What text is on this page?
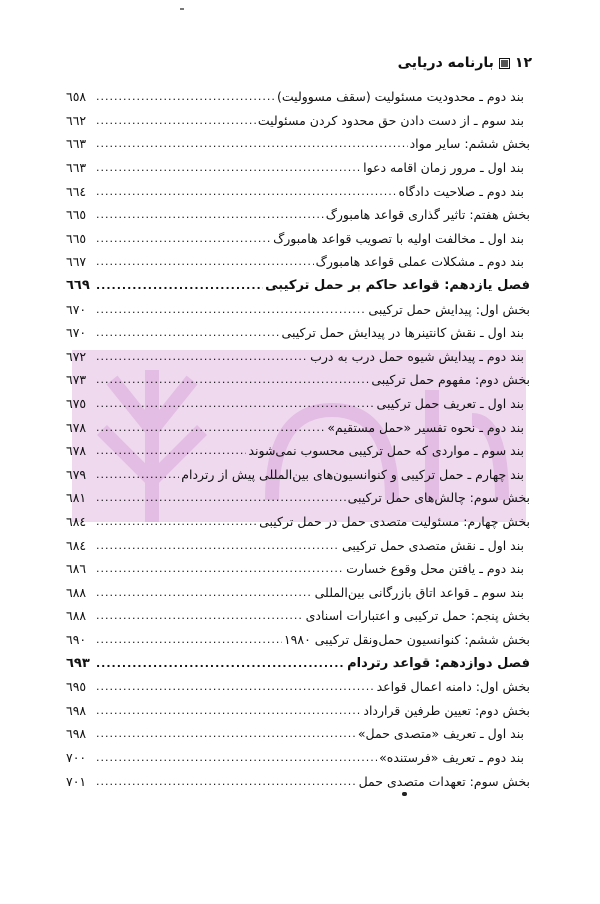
۱۲
بارنامه دریایی
بند دوم ـ محدودیت مسئولیت (سقف مسوولیت)
.....
٦٥٨
بند سوم ـ از دست دادن حق محدود کردن مسئولیت
.....
٦٦٢
بخش ششم: سایر مواد
.....
٦٦٣
بند اول ـ مرور زمان اقامه دعوا
.....
٦٦٣
بند دوم ـ صلاحیت دادگاه
.....
٦٦٤
بخش هفتم: تاثیر گذاری قواعد هامبورگ
.....
٦٦٥
بند اول ـ مخالفت اولیه با تصویب قواعد هامبورگ
.....
٦٦٥
بند دوم ـ مشکلات عملی قواعد هامبورگ
.....
٦٦٧
فصل یازدهم: قواعد حاکم بر حمل ترکیبی
.....
٦٦٩
بخش اول: پیدایش حمل ترکیبی
.....
٦٧٠
بند اول ـ نقش کانتینرها در پیدایش حمل ترکیبی
.....
٦٧٠
بند دوم ـ پیدایش شیوه حمل درب به درب
.....
٦٧٢
بخش دوم: مفهوم حمل ترکیبی
.....
٦٧٣
بند اول ـ تعریف حمل ترکیبی
.....
٦٧٥
بند دوم ـ نحوه تفسیر «حمل مستقیم»
.....
٦٧٨
بند سوم ـ مواردی که حمل ترکیبی محسوب نمی‌شوند
.....
٦٧٨
بند چهارم ـ حمل ترکیبی و کنوانسیون‌های بین‌المللی پیش از رتردام
.....
٦٧٩
بخش سوم: چالش‌های حمل ترکیبی
.....
٦٨١
بخش چهارم: مسئولیت متصدی حمل در حمل ترکیبی
.....
٦٨٤
بند اول ـ نقش متصدی حمل ترکیبی
.....
٦٨٤
بند دوم ـ یافتن محل وقوع خسارت
.....
٦٨٦
بند سوم ـ قواعد اتاق بازرگانی بین‌المللی
.....
٦٨٨
بخش پنجم: حمل ترکیبی و اعتبارات اسنادی
.....
٦٨٨
بخش ششم: کنوانسیون حمل‌ونقل ترکیبی ۱۹۸۰
.....
٦٩٠
فصل دوازدهم: قواعد رتردام
.....
٦٩٣
بخش اول: دامنه اعمال قواعد
.....
٦٩٥
بخش دوم: تعیین طرفین قرارداد
.....
٦٩٨
بند اول ـ تعریف «متصدی حمل»
.....
٦٩٨
بند دوم ـ تعریف «فرستنده»
.....
٧٠٠
بخش سوم: تعهدات متصدی حمل
.....
٧٠١
